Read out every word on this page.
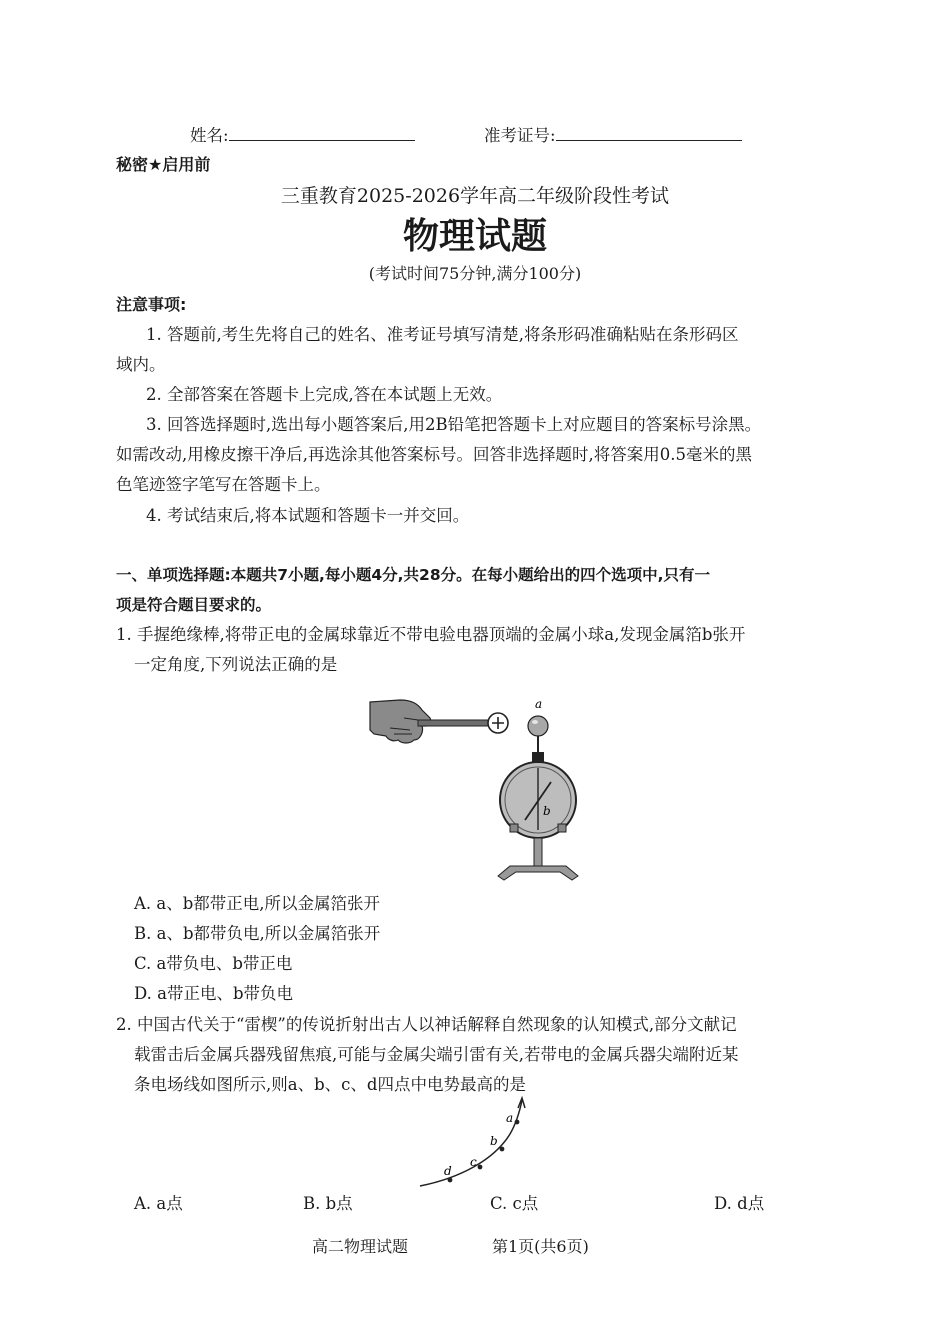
姓名:	准考证号:
秘密★启用前
三重教育2025-2026学年高二年级阶段性考试
物理试题
(考试时间75分钟,满分100分)
注意事项:
1. 答题前,考生先将自己的姓名、准考证号填写清楚,将条形码准确粘贴在条形码区
域内。
2. 全部答案在答题卡上完成,答在本试题上无效。
3. 回答选择题时,选出每小题答案后,用2B铅笔把答题卡上对应题目的答案标号涂黑。
如需改动,用橡皮擦干净后,再选涂其他答案标号。回答非选择题时,将答案用0.5毫米的黑
色笔迹签字笔写在答题卡上。
4. 考试结束后,将本试题和答题卡一并交回。
一、单项选择题:本题共7小题,每小题4分,共28分。在每小题给出的四个选项中,只有一
项是符合题目要求的。
1. 手握绝缘棒,将带正电的金属球靠近不带电验电器顶端的金属小球a,发现金属箔b张开
一定角度,下列说法正确的是
a
b
A. a、b都带正电,所以金属箔张开
B. a、b都带负电,所以金属箔张开
C. a带负电、b带正电
D. a带正电、b带负电
2. 中国古代关于“雷楔”的传说折射出古人以神话解释自然现象的认知模式,部分文献记
载雷击后金属兵器残留焦痕,可能与金属尖端引雷有关,若带电的金属兵器尖端附近某
条电场线如图所示,则a、b、c、d四点中电势最高的是
a
b
c
d
A. a点	B. b点	C. c点	D. d点
高二物理试题	第1页(共6页)
